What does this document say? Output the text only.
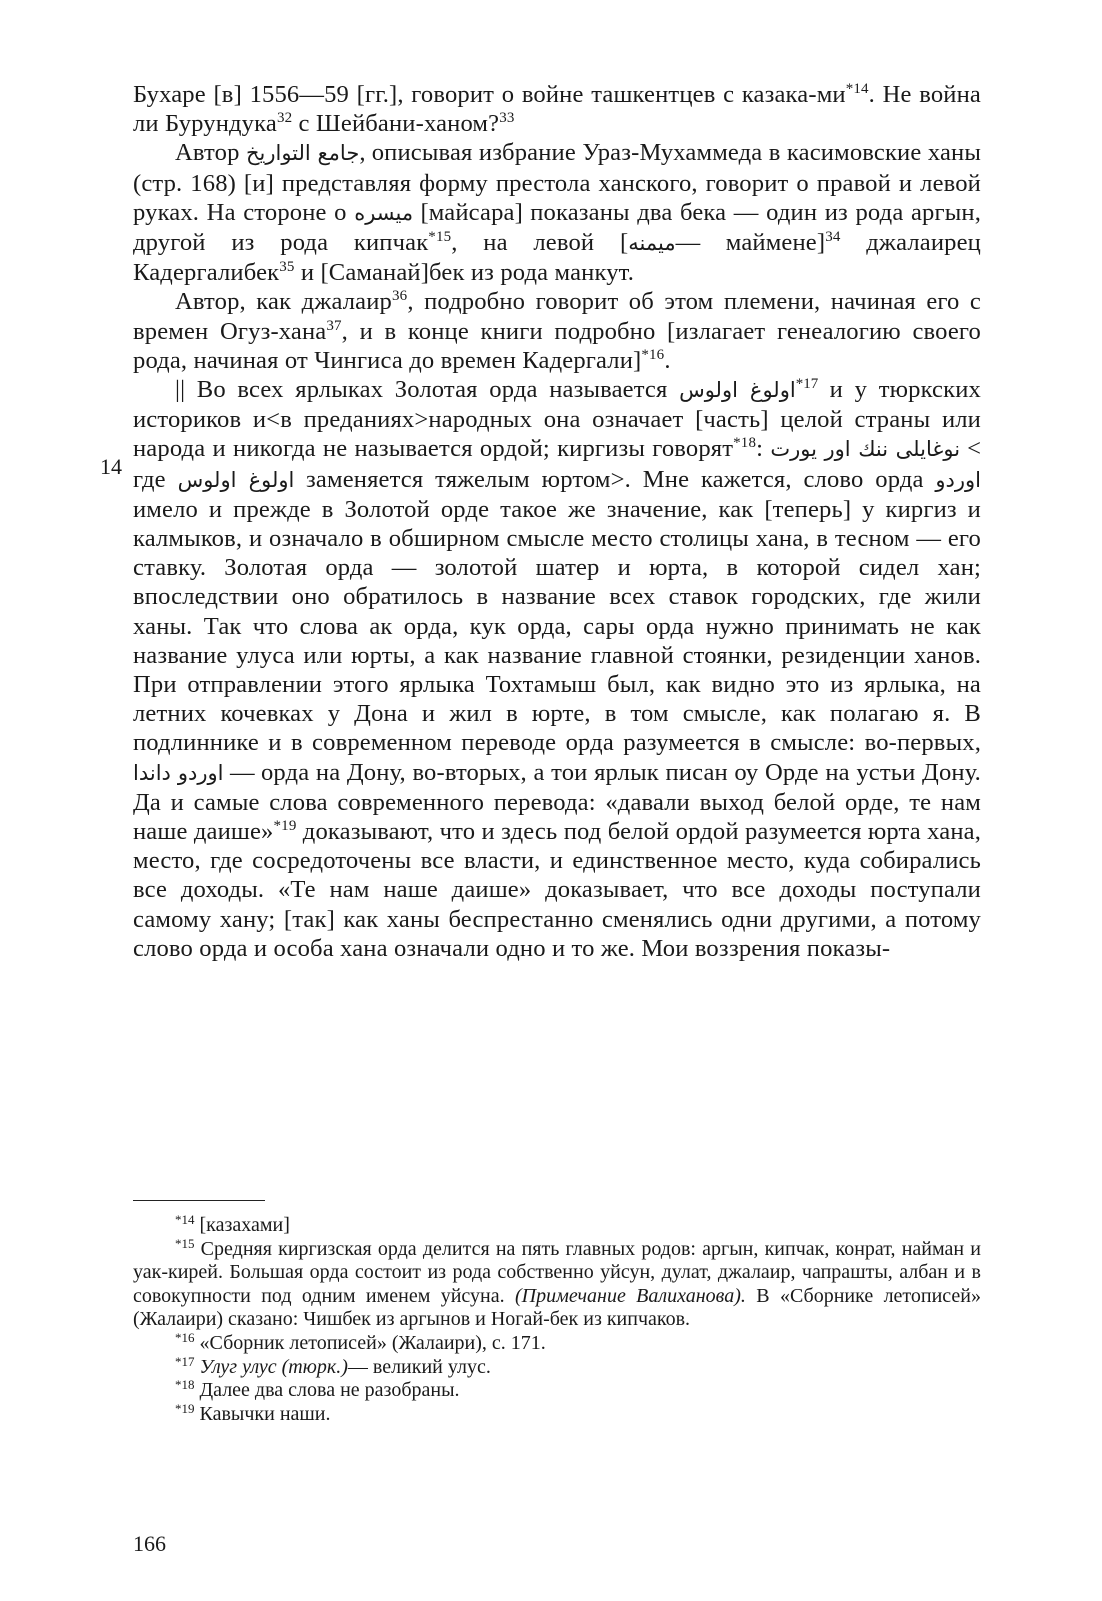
14

Бухаре [в] 1556—59 [гг.], говорит о войне ташкентцев с казака-$ми^{*14}$. Не война ли Бурундука$^{32}$ с Шейбани-ханом?$^{33}$

Автор جامع التواريخ, описывая избрание Ураз-Мухаммеда в касимовские ханы (стр. 168) [и] представляя форму престола ханского, говорит о правой и левой руках. На стороне о ميسره [майсара] показаны два бека — один из рода аргын, другой из рода кипчак$^{*15}$, на левой [ميمنه— маймене]$^{34}$ джалаирец Кадергалибек$^{35}$ и [Саманай]бек из рода манкут.

Автор, как джалаир$^{36}$, подробно говорит об этом племени, начиная его с времен Огуз-хана$^{37}$, и в конце книги подробно [излагает генеалогию своего рода, начиная от Чингиса до времен Кадергали]$^{*16}$.

|| Во всех ярлыках Золотая орда называется اولوغ اولوس$^{*17}$ и у тюркских историков и<в преданиях>народных она означает [часть] целой страны или народа и никогда не называется ордой; киргизы говорят$^{*18}$: نوغايلى ننك اور يورت < где اولوغ اولوس заменяется тяжелым юртом>. Мне кажется, слово орда اوردو имело и прежде в Золотой орде такое же значение, как [теперь] у киргиз и калмыков, и означало в обширном смысле место столицы хана, в тесном — его ставку. Золотая орда — золотой шатер и юрта, в которой сидел хан; впоследствии оно обратилось в название всех ставок городских, где жили ханы. Так что слова ак орда, кук орда, сары орда нужно принимать не как название улуса или юрты, а как название главной стоянки, резиденции ханов. При отправлении этого ярлыка Тохтамыш был, как видно это из ярлыка, на летних кочевках у Дона и жил в юрте, в том смысле, как полагаю я. В подлиннике и в современном переводе орда разумеется в смысле: во-первых, اوردو داندا — орда на Дону, во-вторых, а тои ярлык писан оу Орде на устьи Дону. Да и самые слова современного перевода: «давали выход белой орде, те нам наше даише»$^{*19}$ доказывают, что и здесь под белой ордой разумеется юрта хана, место, где сосредоточены все власти, и единственное место, куда собирались все доходы. «Те нам наше даише» доказывает, что все доходы поступали самому хану; [так] как ханы беспрестанно сменялись одни другими, а потому слово орда и особа хана означали одно и то же. Мои воззрения показы-

$^{*14}$ [казахами]

$^{*15}$ Средняя киргизская орда делится на пять главных родов: аргын, кипчак, конрат, найман и уак-кирей. Большая орда состоит из рода собственно уйсун, дулат, джалаир, чапрашты, албан и в совокупности под одним именем уйсуна. (Примечание Валиханова). В «Сборнике летописей» (Жалаири) сказано: Чишбек из аргынов и Ногай-бек из кипчаков.

$^{*16}$ «Сборник летописей» (Жалаири), с. 171.

$^{*17}$ Улуг улус (тюрк.)— великий улус.

$^{*18}$ Далее два слова не разобраны.

$^{*19}$ Кавычки наши.

166
